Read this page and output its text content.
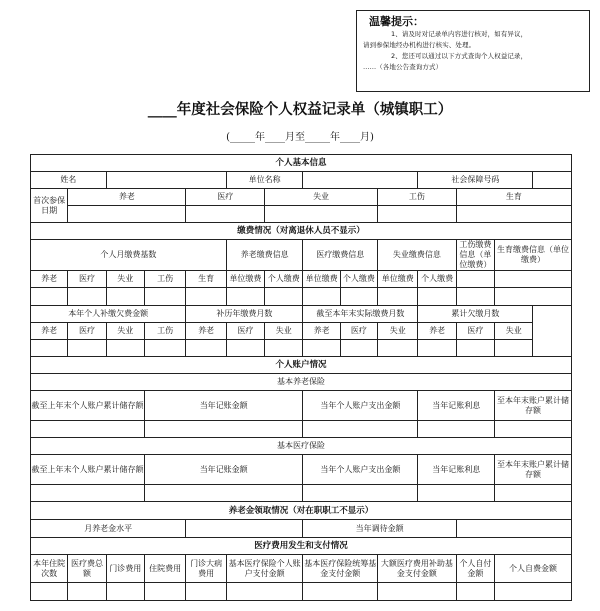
温馨提示：
1、请及时对记录单内容进行核对，如有异议，
请到参保地经办机构进行核实、处理。
2、您还可以通过以下方式查询个人权益记录，
……（各地公告查询方式）
____年度社会保险个人权益记录单（城镇职工）
(_____年____月至_____年____月)
个人基本信息													
姓名					单位名称					社会保障号码			
首次参保日期	养老			医疗		失业			工伤		生育		

缴费情况（对离退休人员不显示）													
个人月缴费基数					养老缴费信息		医疗缴费信息		失业缴费信息		工伤缴费信息（单位缴费）	生育缴费信息（单位缴费）	
养老	医疗	失业	工伤	生育	单位缴费	个人缴费	单位缴费	个人缴费	单位缴费	个人缴费			

本年个人补缴欠费金额				补历年缴费月数			截至本年末实际缴费月数			累计欠缴月数			
养老	医疗	失业	工伤	养老	医疗	失业	养老	医疗	失业	养老	医疗	失业	

个人账户情况													
基本养老保险													
截至上年末个人账户累计储存额			当年记账金额				当年个人账户支出金额			当年记账利息		至本年末账户累计储存额	

基本医疗保险													
截至上年末个人账户累计储存额			当年记账金额				当年个人账户支出金额			当年记账利息		至本年末账户累计储存额	

养老金领取情况（对在职职工不显示）													
月养老金水平							当年调待金额						
医疗费用发生和支付情况													
本年住院次数	医疗费总额	门诊费用	住院费用	门诊大病费用	基本医疗保险个人账户支付金额		基本医疗保险统筹基金支付金额		大额医疗费用补助基金支付金额		个人自付金额	个人自费金额	
